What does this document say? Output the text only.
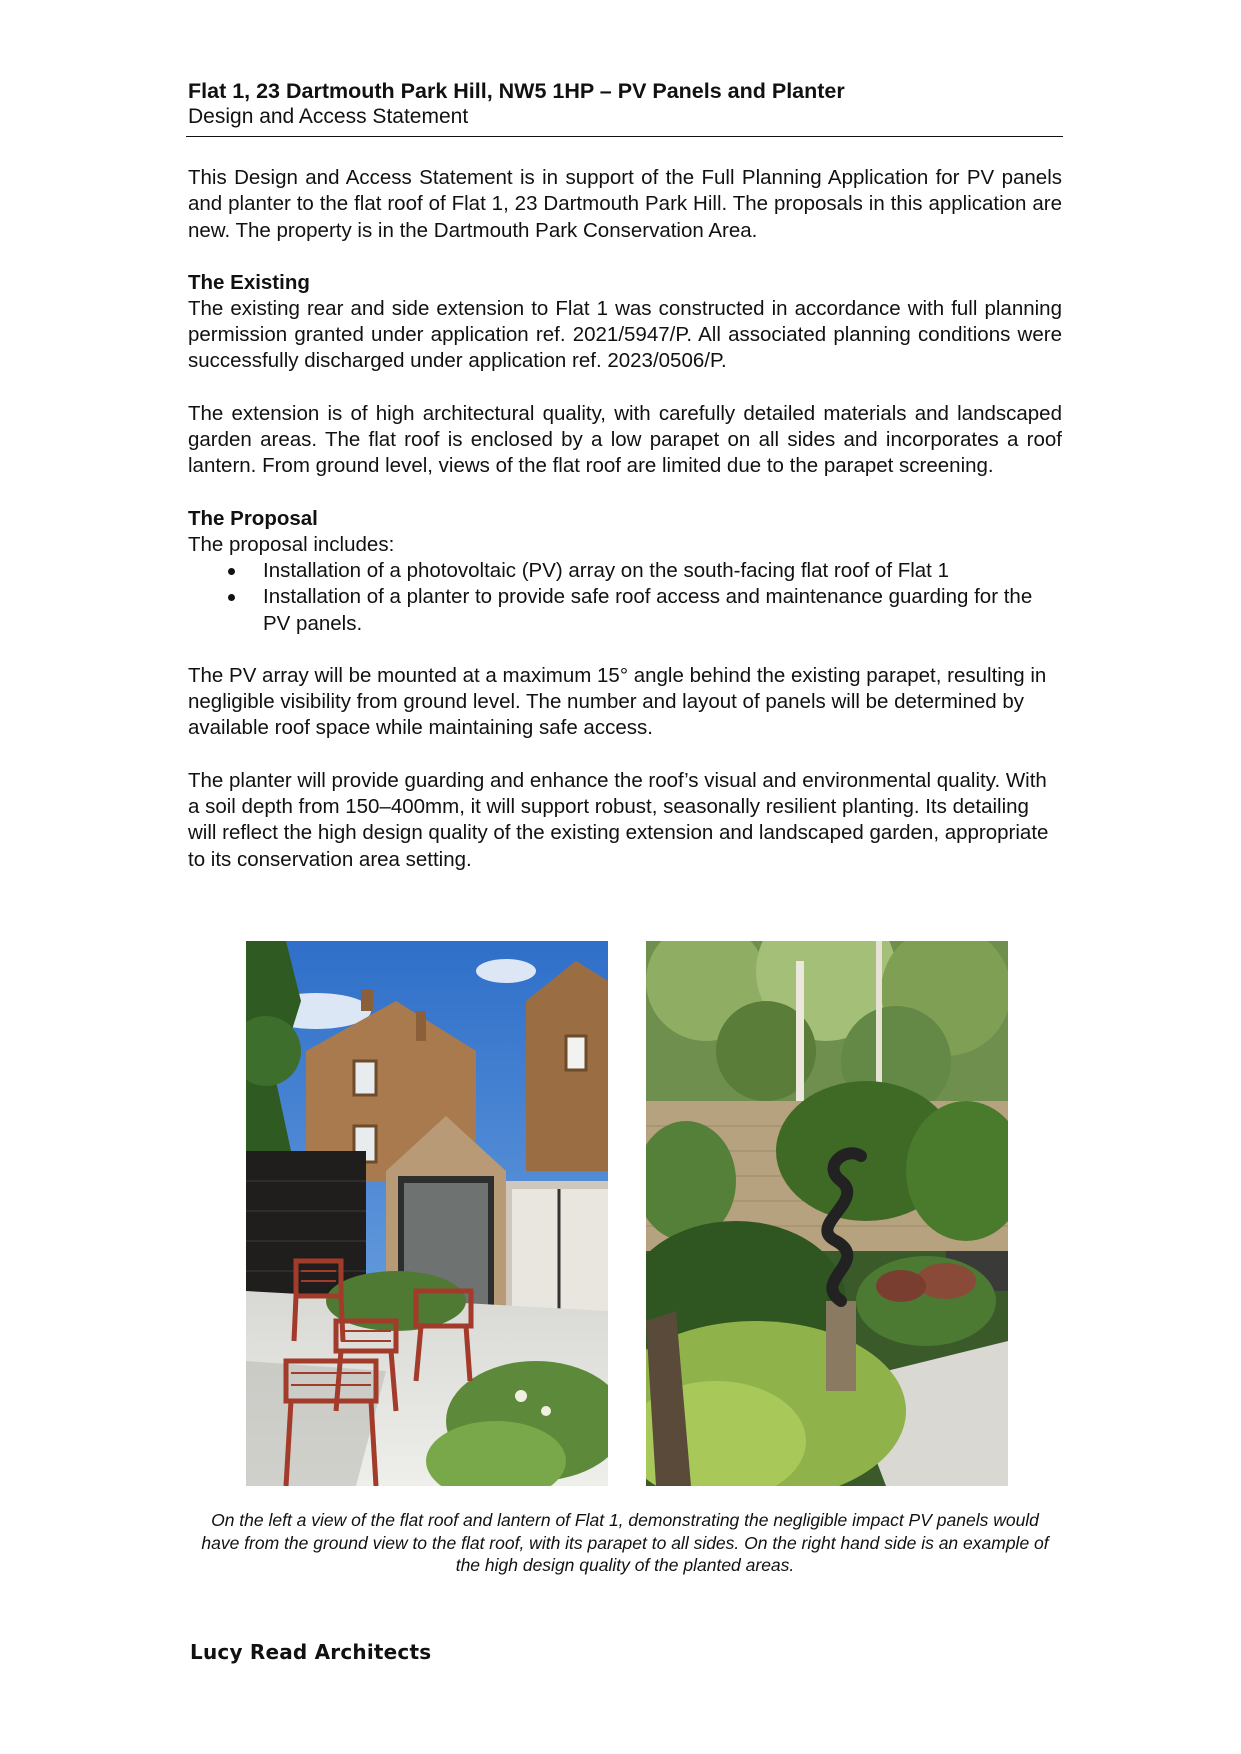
Flat 1, 23 Dartmouth Park Hill, NW5 1HP – PV Panels and Planter

Design and Access Statement

This Design and Access Statement is in support of the Full Planning Application for PV panels and planter to the flat roof of Flat 1, 23 Dartmouth Park Hill. The proposals in this application are new. The property is in the Dartmouth Park Conservation Area.

The Existing

The existing rear and side extension to Flat 1 was constructed in accordance with full planning permission granted under application ref. 2021/5947/P. All associated planning conditions were successfully discharged under application ref. 2023/0506/P.

The extension is of high architectural quality, with carefully detailed materials and landscaped garden areas. The flat roof is enclosed by a low parapet on all sides and incorporates a roof lantern. From ground level, views of the flat roof are limited due to the parapet screening.

The Proposal

The proposal includes:

Installation of a photovoltaic (PV) array on the south-facing flat roof of Flat 1
Installation of a planter to provide safe roof access and maintenance guarding for the PV panels.

The PV array will be mounted at a maximum 15° angle behind the existing parapet, resulting in negligible visibility from ground level. The number and layout of panels will be determined by available roof space while maintaining safe access.

The planter will provide guarding and enhance the roof’s visual and environmental quality. With a soil depth from 150–400mm, it will support robust, seasonally resilient planting. Its detailing will reflect the high design quality of the existing extension and landscaped garden, appropriate to its conservation area setting.

On the left a view of the flat roof and lantern of Flat 1, demonstrating the negligible impact PV panels would have from the ground view to the flat roof, with its parapet to all sides. On the right hand side is an example of the high design quality of the planted areas.
Lucy Read Architects
